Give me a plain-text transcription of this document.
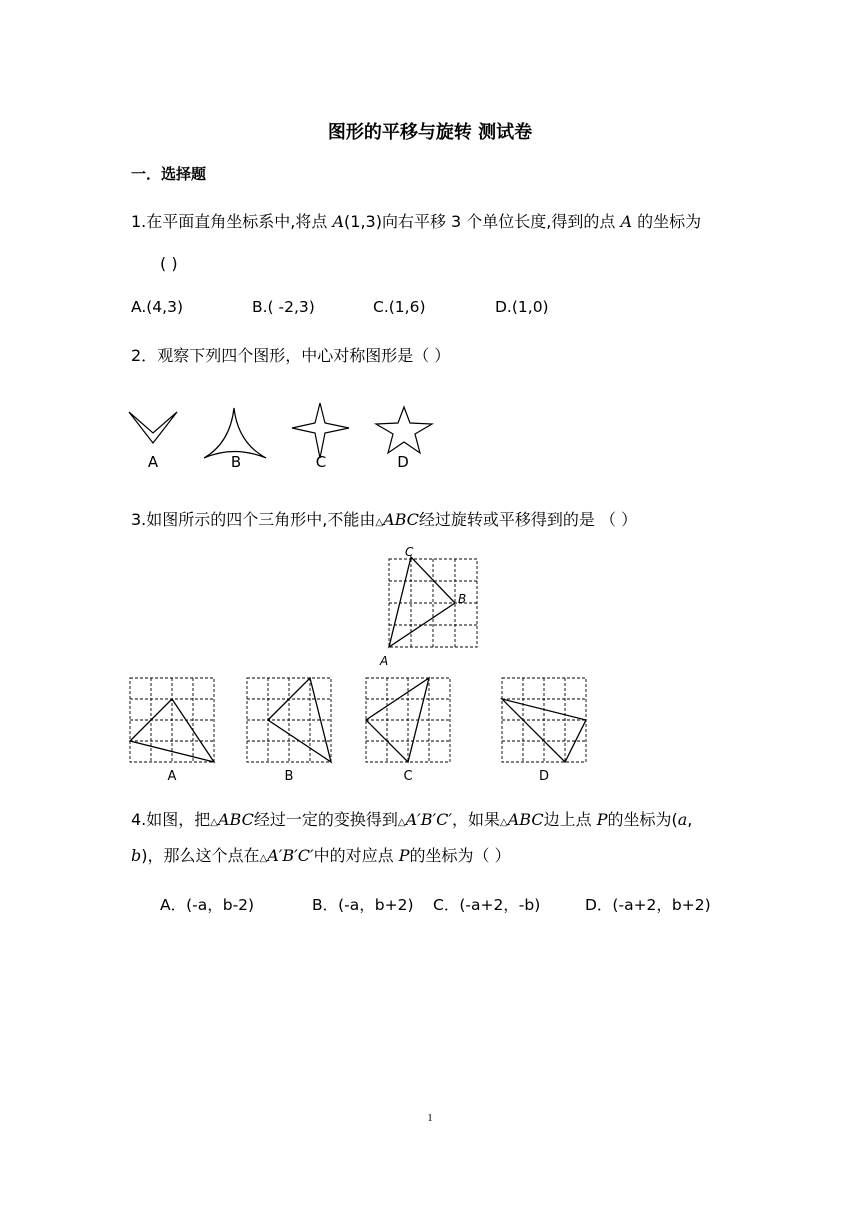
图形的平移与旋转 测试卷
一．选择题
1.在平面直角坐标系中,将点 A(1,3)向右平移 3 个单位长度,得到的点 A 的坐标为
( )
A.(4,3)	B.( -2,3)	C.(1,6)	D.(1,0)
2．观察下列四个图形，中心对称图形是（ ）
A	B	C	D
3.如图所示的四个三角形中,不能由△ABC经过旋转或平移得到的是 （ ）
C
B
A
A	B	C	D
4.如图，把△ABC经过一定的变换得到△A′B′C′，如果△ABC边上点 P的坐标为(a,
b)，那么这个点在△A′B′C′中的对应点 P的坐标为（ ）
A．(-a，b-2)	B．(-a，b+2) C．(-a+2，-b)	D．(-a+2，b+2)
1
